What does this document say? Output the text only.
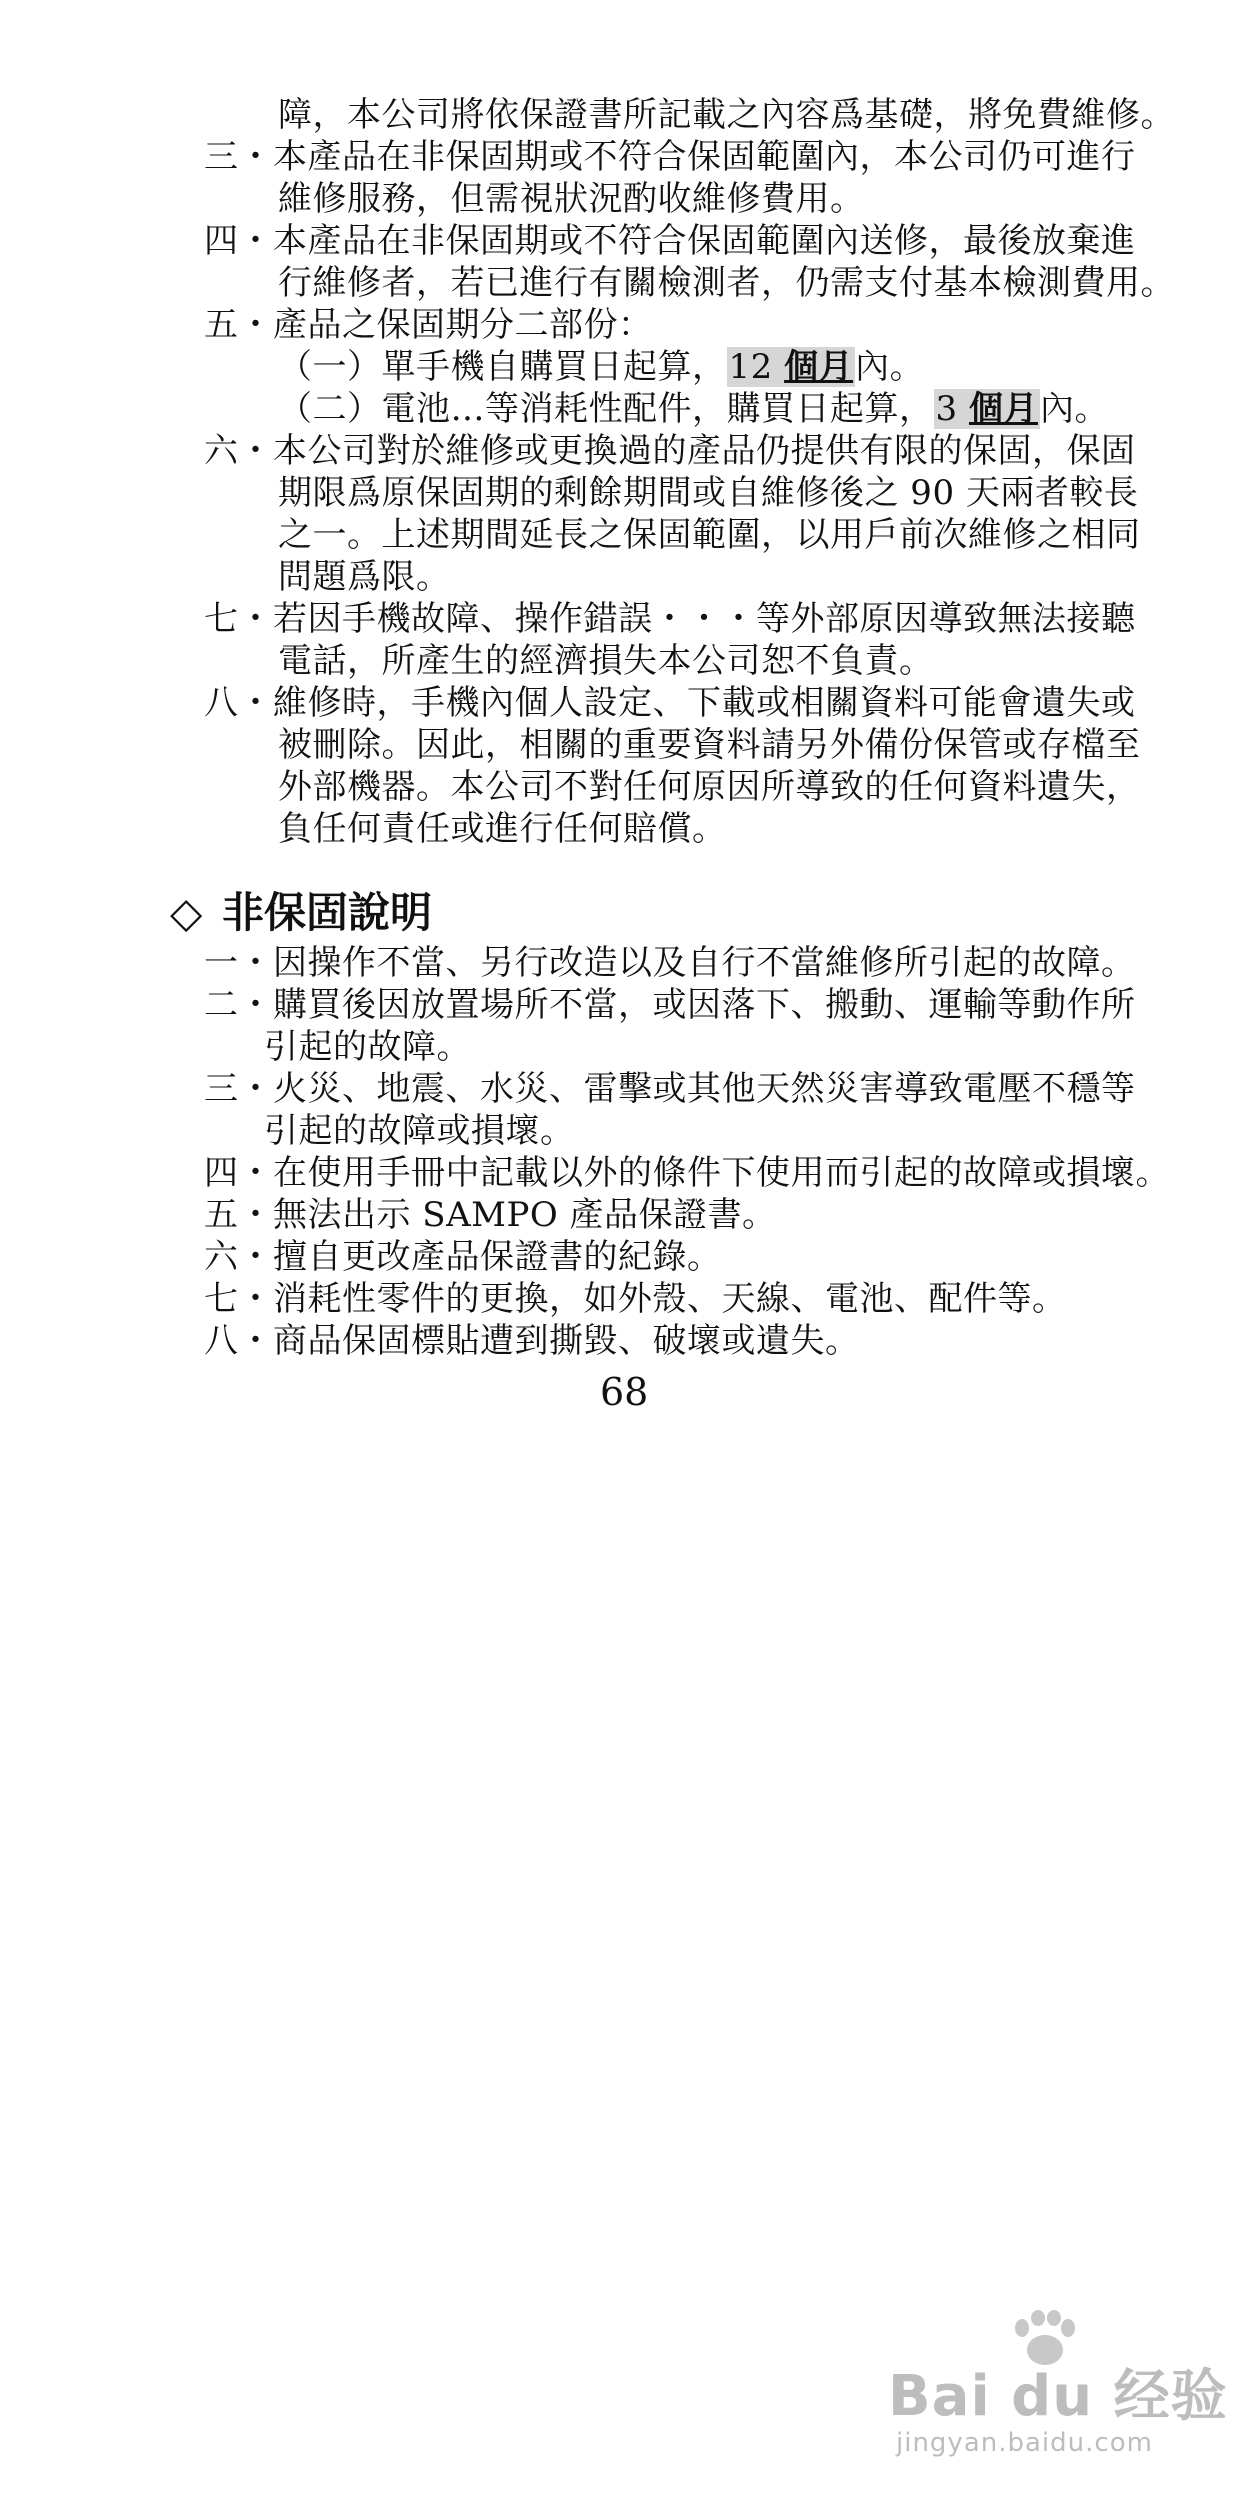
障，本公司將依保證書所記載之內容爲基礎，將免費維修。
三・本產品在非保固期或不符合保固範圍內，本公司仍可進行
維修服務，但需視狀況酌收維修費用。
四・本產品在非保固期或不符合保固範圍內送修，最後放棄進
行維修者，若已進行有關檢測者，仍需支付基本檢測費用。
五・產品之保固期分二部份：
（一）單手機自購買日起算，12 個月內。
（二）電池…等消耗性配件，購買日起算，3 個月內。
六・本公司對於維修或更換過的產品仍提供有限的保固，保固
期限爲原保固期的剩餘期間或自維修後之 90 天兩者較長
之一。上述期間延長之保固範圍，以用戶前次維修之相同
問題爲限。
七・若因手機故障、操作錯誤・・・等外部原因導致無法接聽
電話，所產生的經濟損失本公司恕不負責。
八・維修時，手機內個人設定、下載或相關資料可能會遺失或
被刪除。因此，相關的重要資料請另外備份保管或存檔至
外部機器。本公司不對任何原因所導致的任何資料遺失，
負任何責任或進行任何賠償。
◇ 非保固說明
一・因操作不當、另行改造以及自行不當維修所引起的故障。
二・購買後因放置場所不當，或因落下、搬動、運輸等動作所
引起的故障。
三・火災、地震、水災、雷擊或其他天然災害導致電壓不穩等
引起的故障或損壞。
四・在使用手冊中記載以外的條件下使用而引起的故障或損壞。
五・無法出示 SAMPO 產品保證書。
六・擅自更改產品保證書的紀錄。
七・消耗性零件的更換，如外殼、天線、電池、配件等。
八・商品保固標貼遭到撕毀、破壞或遺失。
68
Bai du 经验
jingyan.baidu.com
